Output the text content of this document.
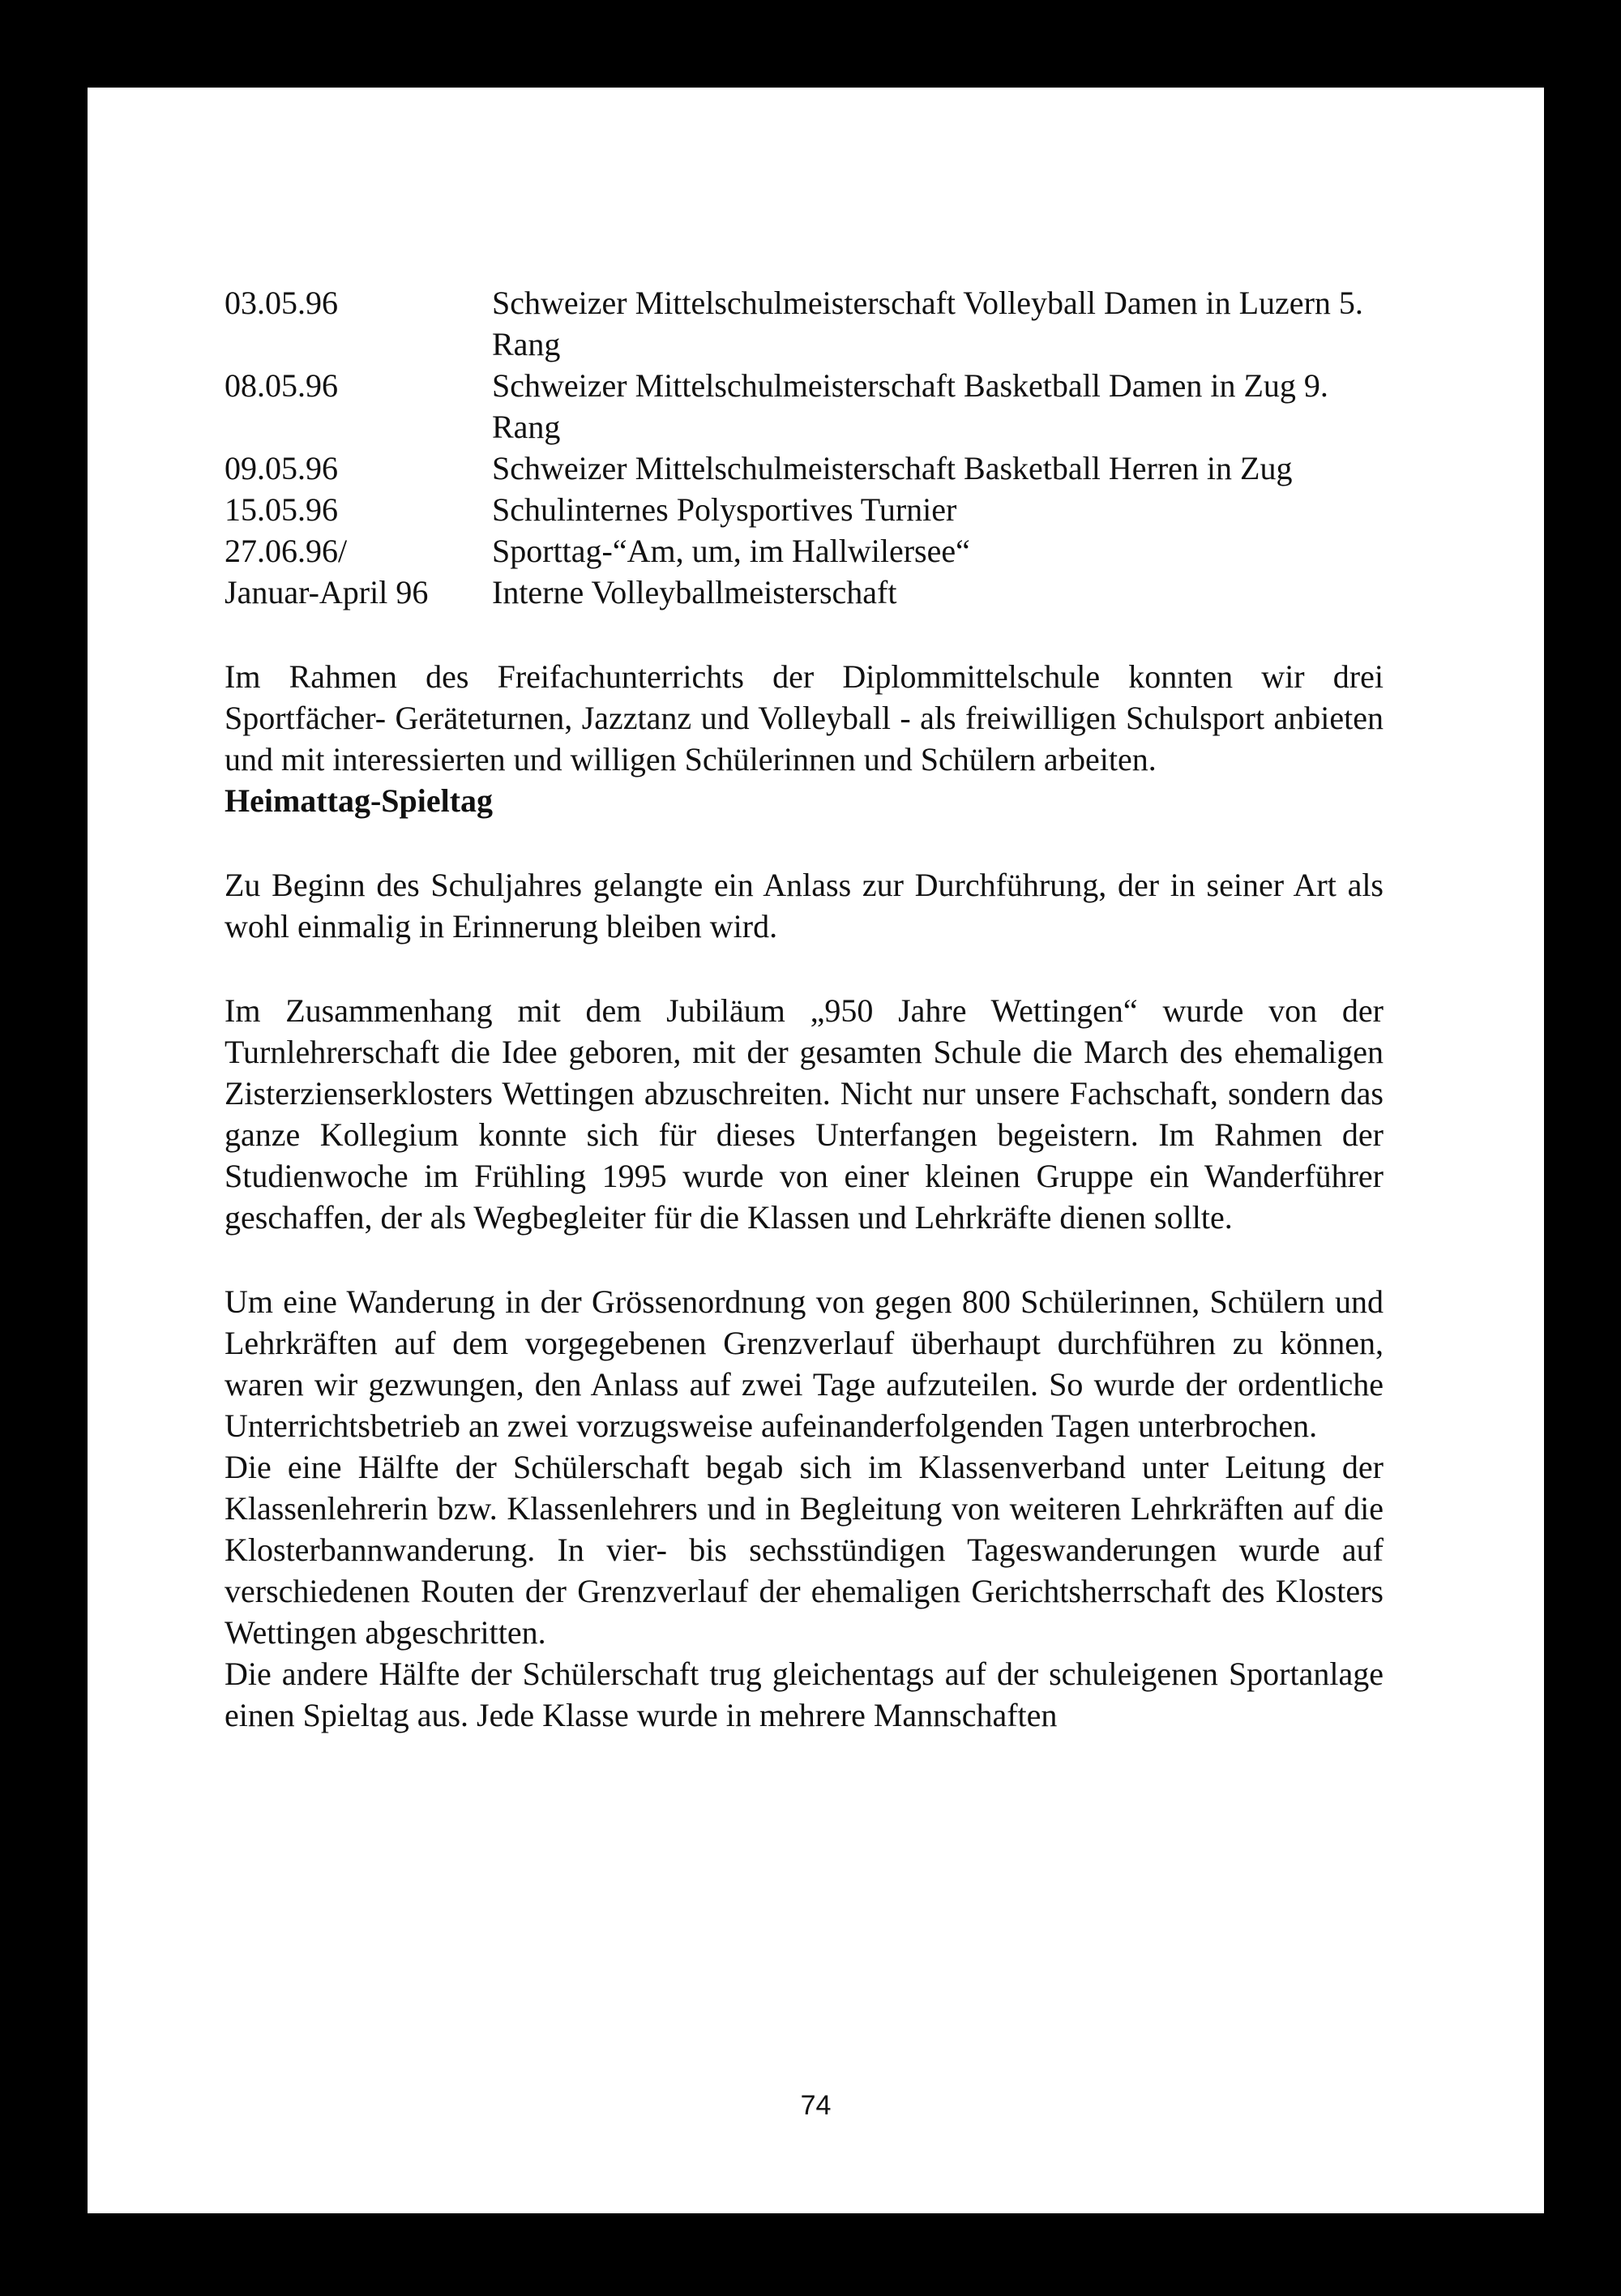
03.05.96	Schweizer Mittelschulmeisterschaft Volleyball Damen in Luzern 5. Rang
08.05.96	Schweizer Mittelschulmeisterschaft Basketball Damen in Zug 9. Rang
09.05.96	Schweizer Mittelschulmeisterschaft Basketball Herren in Zug
15.05.96	Schulinternes Polysportives Turnier
27.06.96/	Sporttag-“Am, um, im Hallwilersee“
Januar-April 96	Interne Volleyballmeisterschaft

Im Rahmen des Freifachunterrichts der Diplommittelschule konnten wir drei Sportfächer- Geräteturnen, Jazztanz und Volleyball - als freiwilligen Schulsport anbieten und mit interessierten und willigen Schülerinnen und Schülern arbeiten.

Heimattag-Spieltag

Zu Beginn des Schuljahres gelangte ein Anlass zur Durchführung, der in seiner Art als wohl einmalig in Erinnerung bleiben wird.

Im Zusammenhang mit dem Jubiläum „950 Jahre Wettingen“ wurde von der Turnlehrerschaft die Idee geboren, mit der gesamten Schule die March des ehemaligen Zisterzienserklosters Wettingen abzuschreiten. Nicht nur unsere Fachschaft, sondern das ganze Kollegium konnte sich für dieses Unterfangen begeistern. Im Rahmen der Studienwoche im Frühling 1995 wurde von einer kleinen Gruppe ein Wanderführer geschaffen, der als Wegbegleiter für die Klassen und Lehrkräfte dienen sollte.

Um eine Wanderung in der Grössenordnung von gegen 800 Schülerinnen, Schülern und Lehrkräften auf dem vorgegebenen Grenzverlauf überhaupt durchführen zu können, waren wir gezwungen, den Anlass auf zwei Tage aufzuteilen. So wurde der ordentliche Unterrichtsbetrieb an zwei vorzugsweise aufeinanderfolgenden Tagen unterbrochen.

Die eine Hälfte der Schülerschaft begab sich im Klassenverband unter Leitung der Klassenlehrerin bzw. Klassenlehrers und in Begleitung von weiteren Lehrkräften auf die Klosterbannwanderung. In vier- bis sechsstündigen Tageswanderungen wurde auf verschiedenen Routen der Grenzverlauf der ehemaligen Gerichtsherrschaft des Klosters Wettingen abgeschritten.

Die andere Hälfte der Schülerschaft trug gleichentags auf der schuleigenen Sportanlage einen Spieltag aus. Jede Klasse wurde in mehrere Mannschaften

74
